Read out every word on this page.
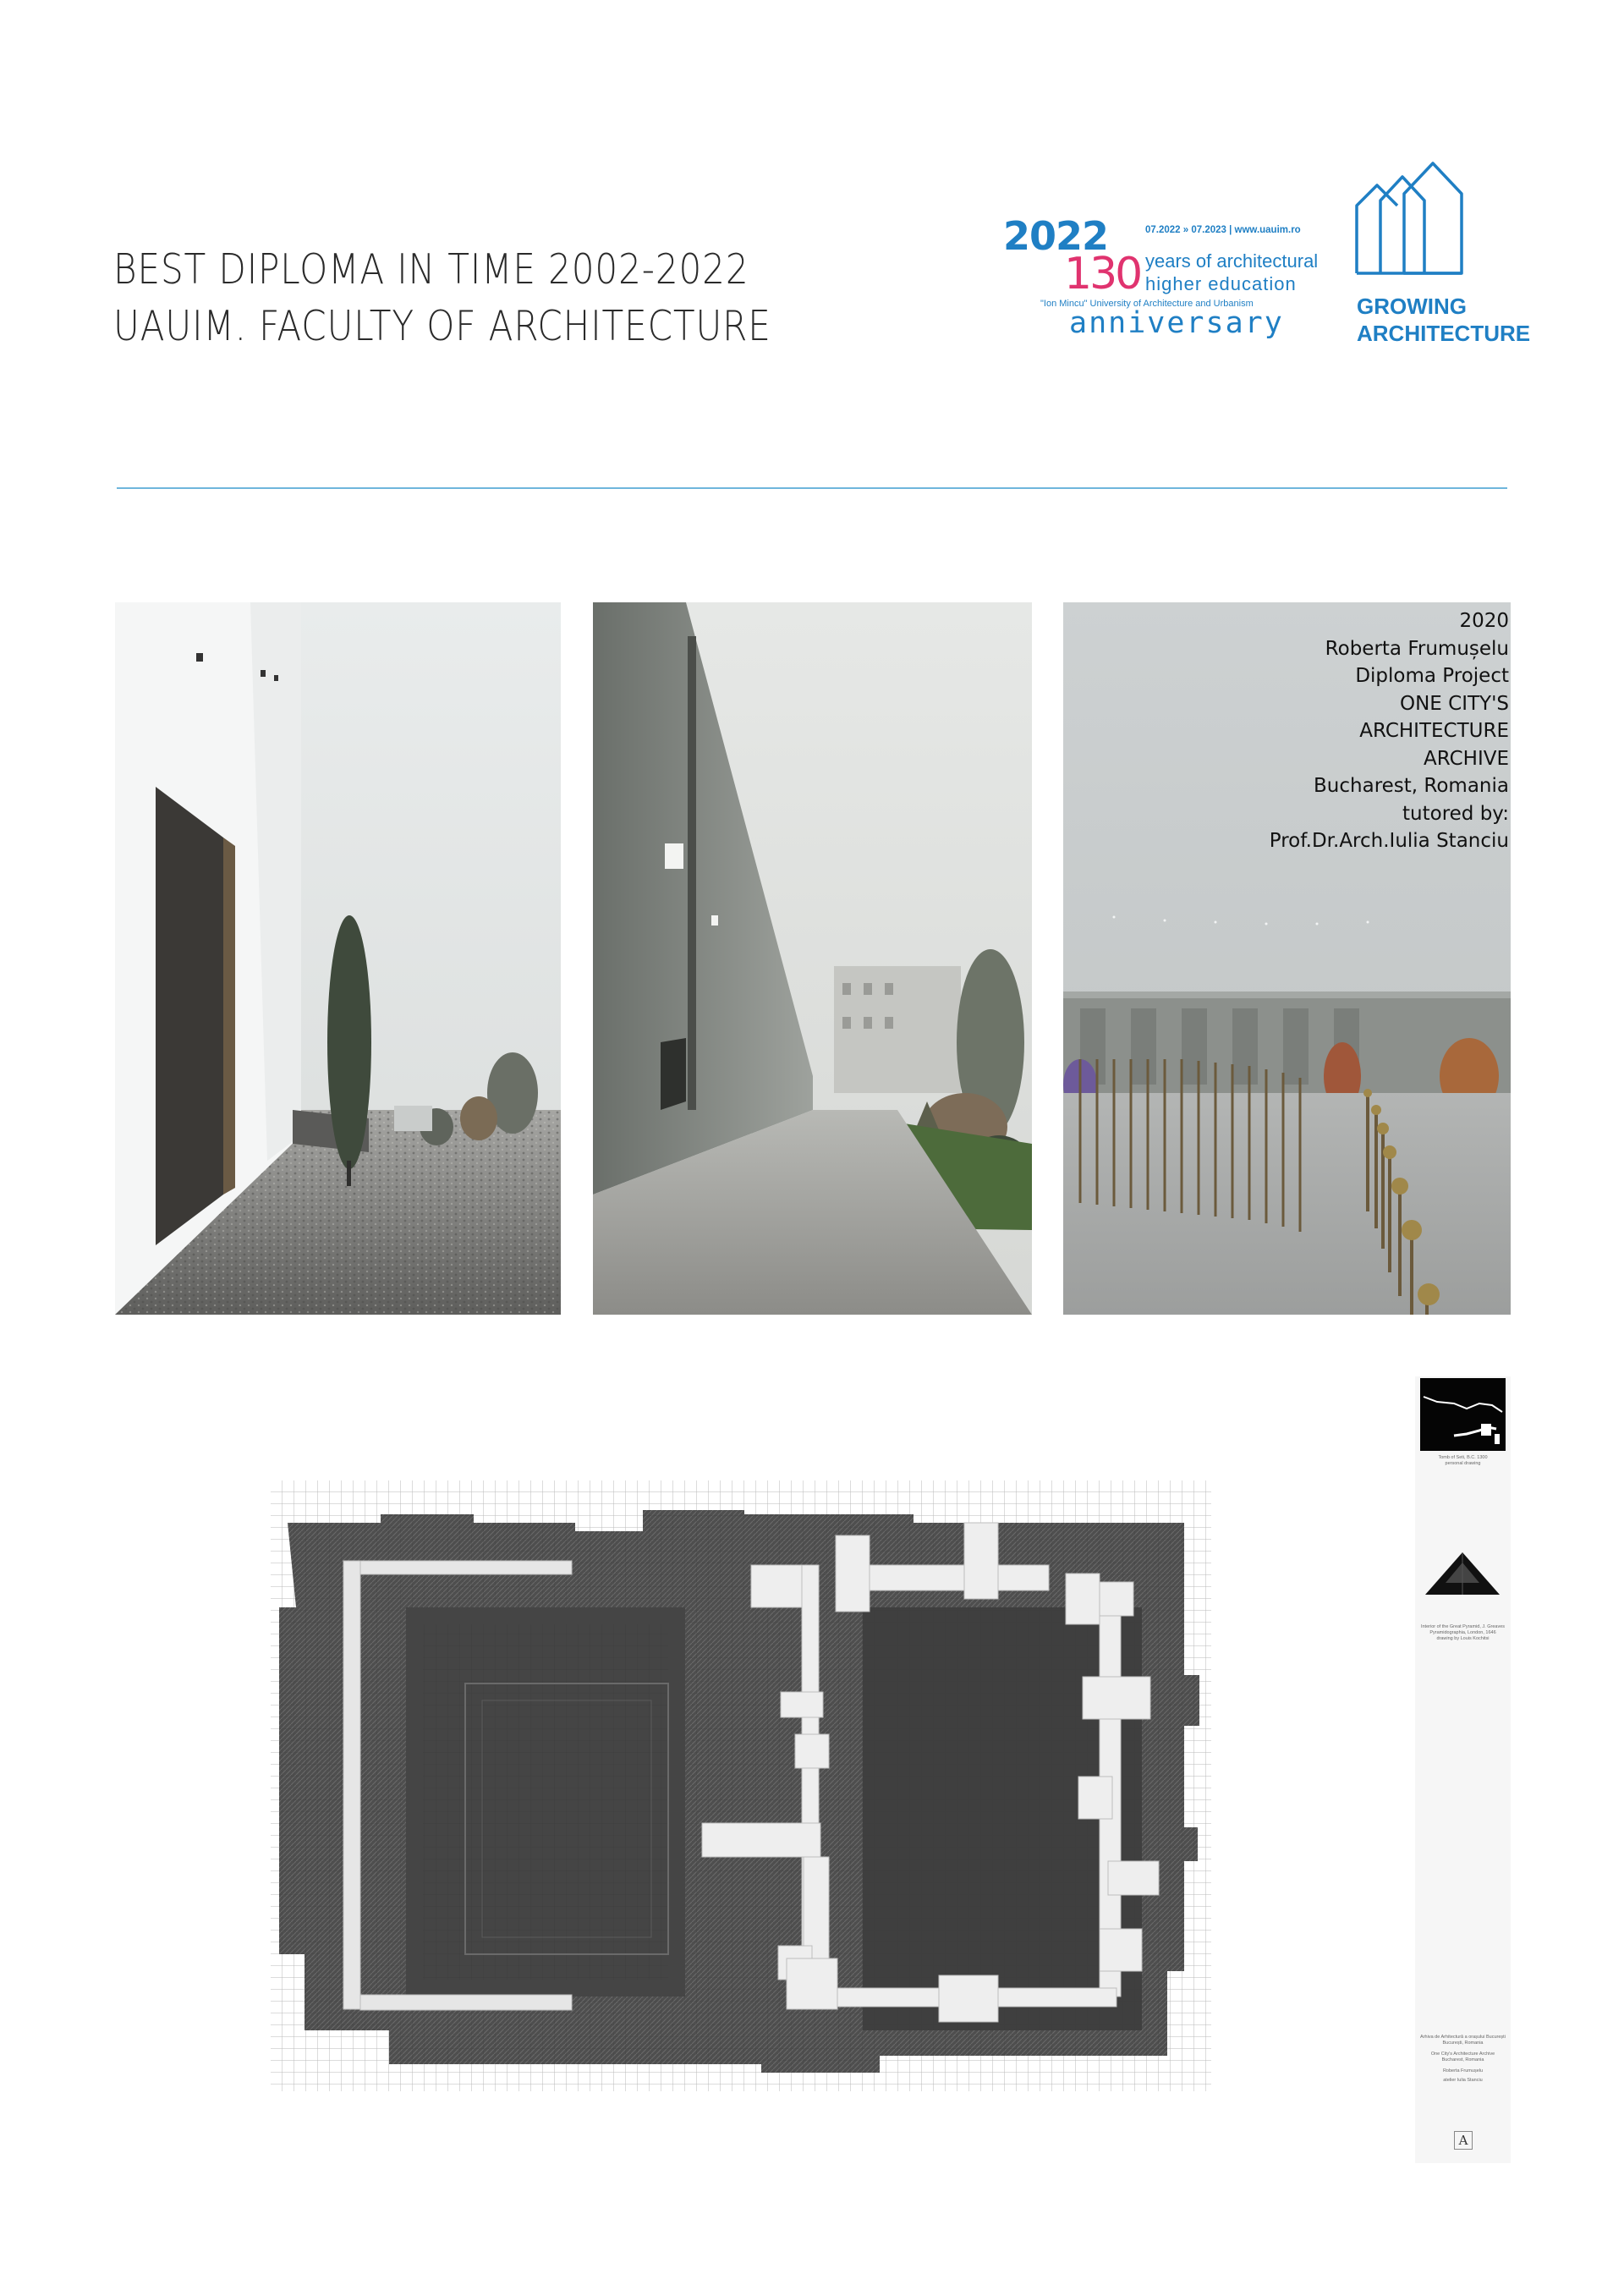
BEST DIPLOMA IN TIME 2002-2022
UAUIM. FACULTY OF ARCHITECTURE
2022
130
07.2022 » 07.2023 | www.uauim.ro
years of architectural
higher education
"Ion Mincu" University of Architecture and Urbanism
anniversary	GROWING
ARCHITECTURE
2020
Roberta Frumușelu
Diploma Project
ONE CITY'S
ARCHITECTURE
ARCHIVE
Bucharest, Romania
tutored by:
Prof.Dr.Arch.Iulia Stanciu
Tomb of Seti, B.C. 1300
personal drawing
Interior of the Great Pyramid, J. Greaves
Pyramidographia, London, 1646
drawing by Louis Kochitsi
Arhiva de Arhitectură a orașului București
București, Romania
One City's Architecture Archive
Bucharest, Romania
Roberta Frumușelu
atelier Iulia Stanciu
A
